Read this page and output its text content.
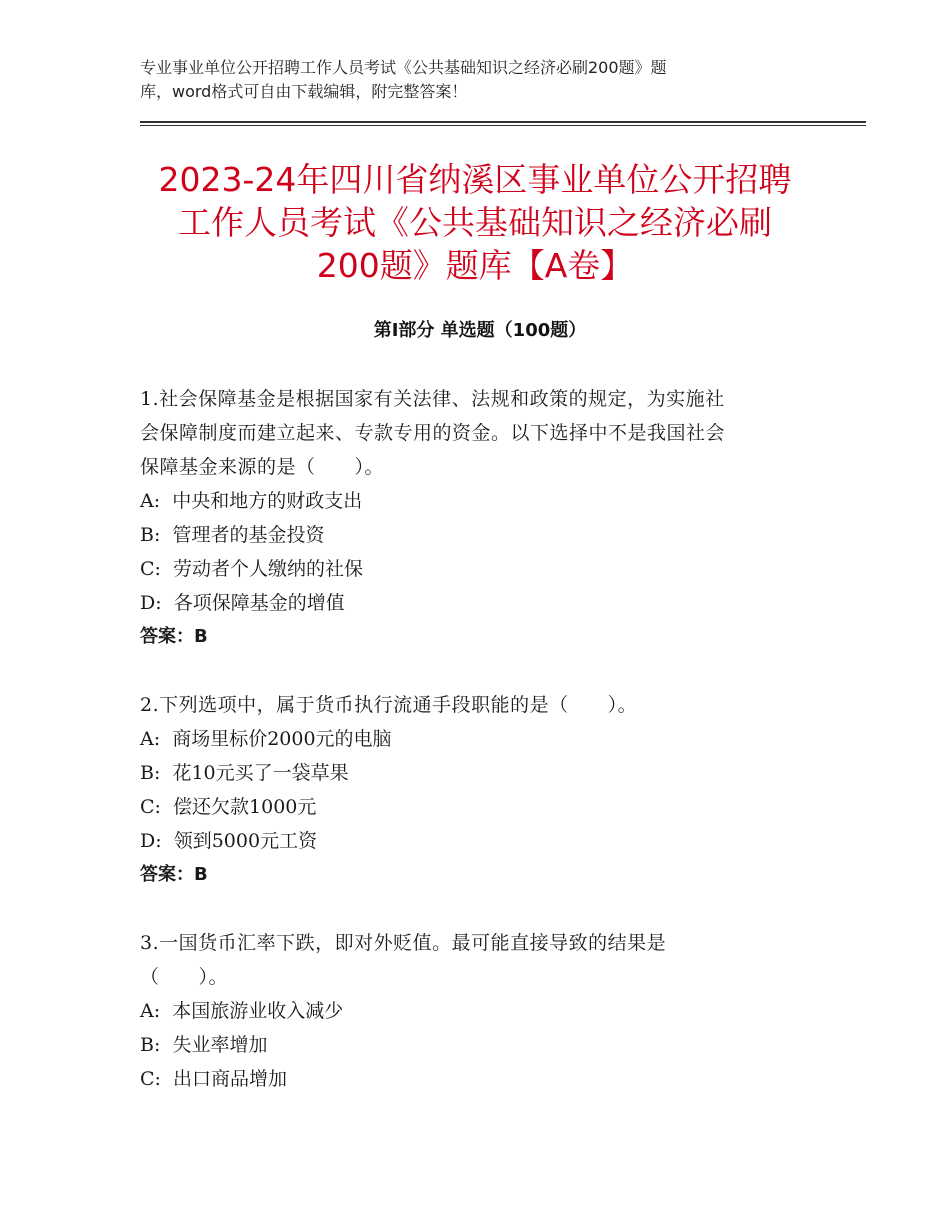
专业事业单位公开招聘工作人员考试《公共基础知识之经济必刷200题》题
库，word格式可自由下载编辑，附完整答案！
2023-24年四川省纳溪区事业单位公开招聘
工作人员考试《公共基础知识之经济必刷
200题》题库【A卷】
第Ⅰ部分 单选题（100题）
1.社会保障基金是根据国家有关法律、法规和政策的规定，为实施社
会保障制度而建立起来、专款专用的资金。以下选择中不是我国社会
保障基金来源的是（　　）。
A:  中央和地方的财政支出
B:  管理者的基金投资
C:  劳动者个人缴纳的社保
D:  各项保障基金的增值
答案：B
2.下列选项中，属于货币执行流通手段职能的是（　　）。
A:  商场里标价2000元的电脑
B:  花10元买了一袋草果
C:  偿还欠款1000元
D:  领到5000元工资
答案：B
3.一国货币汇率下跌，即对外贬值。最可能直接导致的结果是
（　　）。
A:  本国旅游业收入减少
B:  失业率增加
C:  出口商品增加
